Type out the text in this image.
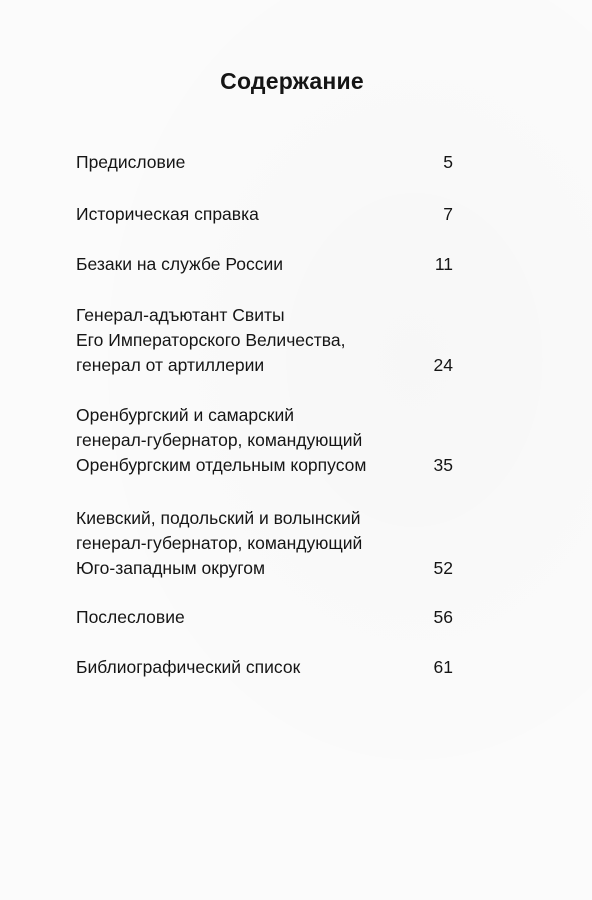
Содержание
Предисловие	5
Историческая справка	7
Безаки на службе России	11
Генерал-адъютант Свиты
Его Императорского Величества,
генерал от артиллерии	24
Оренбургский и самарский
генерал-губернатор, командующий
Оренбургским отдельным корпусом	35
Киевский, подольский и волынский
генерал-губернатор, командующий
Юго-западным округом	52
Послесловие	56
Библиографический список	61
